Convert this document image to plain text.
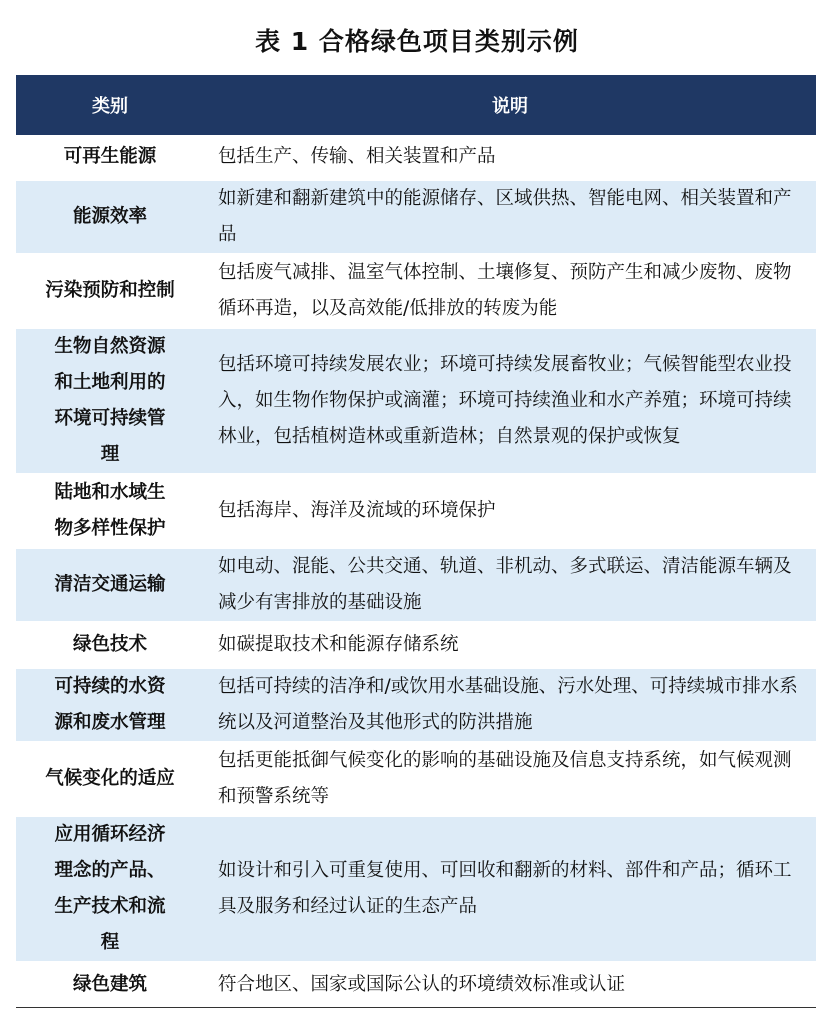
表 1 合格绿色项目类别示例
类别	说明
可再生能源	包括生产、传输、相关装置和产品
能源效率	如新建和翻新建筑中的能源储存、区域供热、智能电网、相关装置和产品
污染预防和控制	包括废气减排、温室气体控制、土壤修复、预防产生和减少废物、废物循环再造，以及高效能/低排放的转废为能
生物自然资源和土地利用的环境可持续管理	包括环境可持续发展农业；环境可持续发展畜牧业；气候智能型农业投入，如生物作物保护或滴灌；环境可持续渔业和水产养殖；环境可持续林业，包括植树造林或重新造林；自然景观的保护或恢复
陆地和水域生物多样性保护	包括海岸、海洋及流域的环境保护
清洁交通运输	如电动、混能、公共交通、轨道、非机动、多式联运、清洁能源车辆及减少有害排放的基础设施
绿色技术	如碳提取技术和能源存储系统
可持续的水资源和废水管理	包括可持续的洁净和/或饮用水基础设施、污水处理、可持续城市排水系统以及河道整治及其他形式的防洪措施
气候变化的适应	包括更能抵御气候变化的影响的基础设施及信息支持系统，如气候观测和预警系统等
应用循环经济理念的产品、生产技术和流程	如设计和引入可重复使用、可回收和翻新的材料、部件和产品；循环工具及服务和经过认证的生态产品
绿色建筑	符合地区、国家或国际公认的环境绩效标准或认证
